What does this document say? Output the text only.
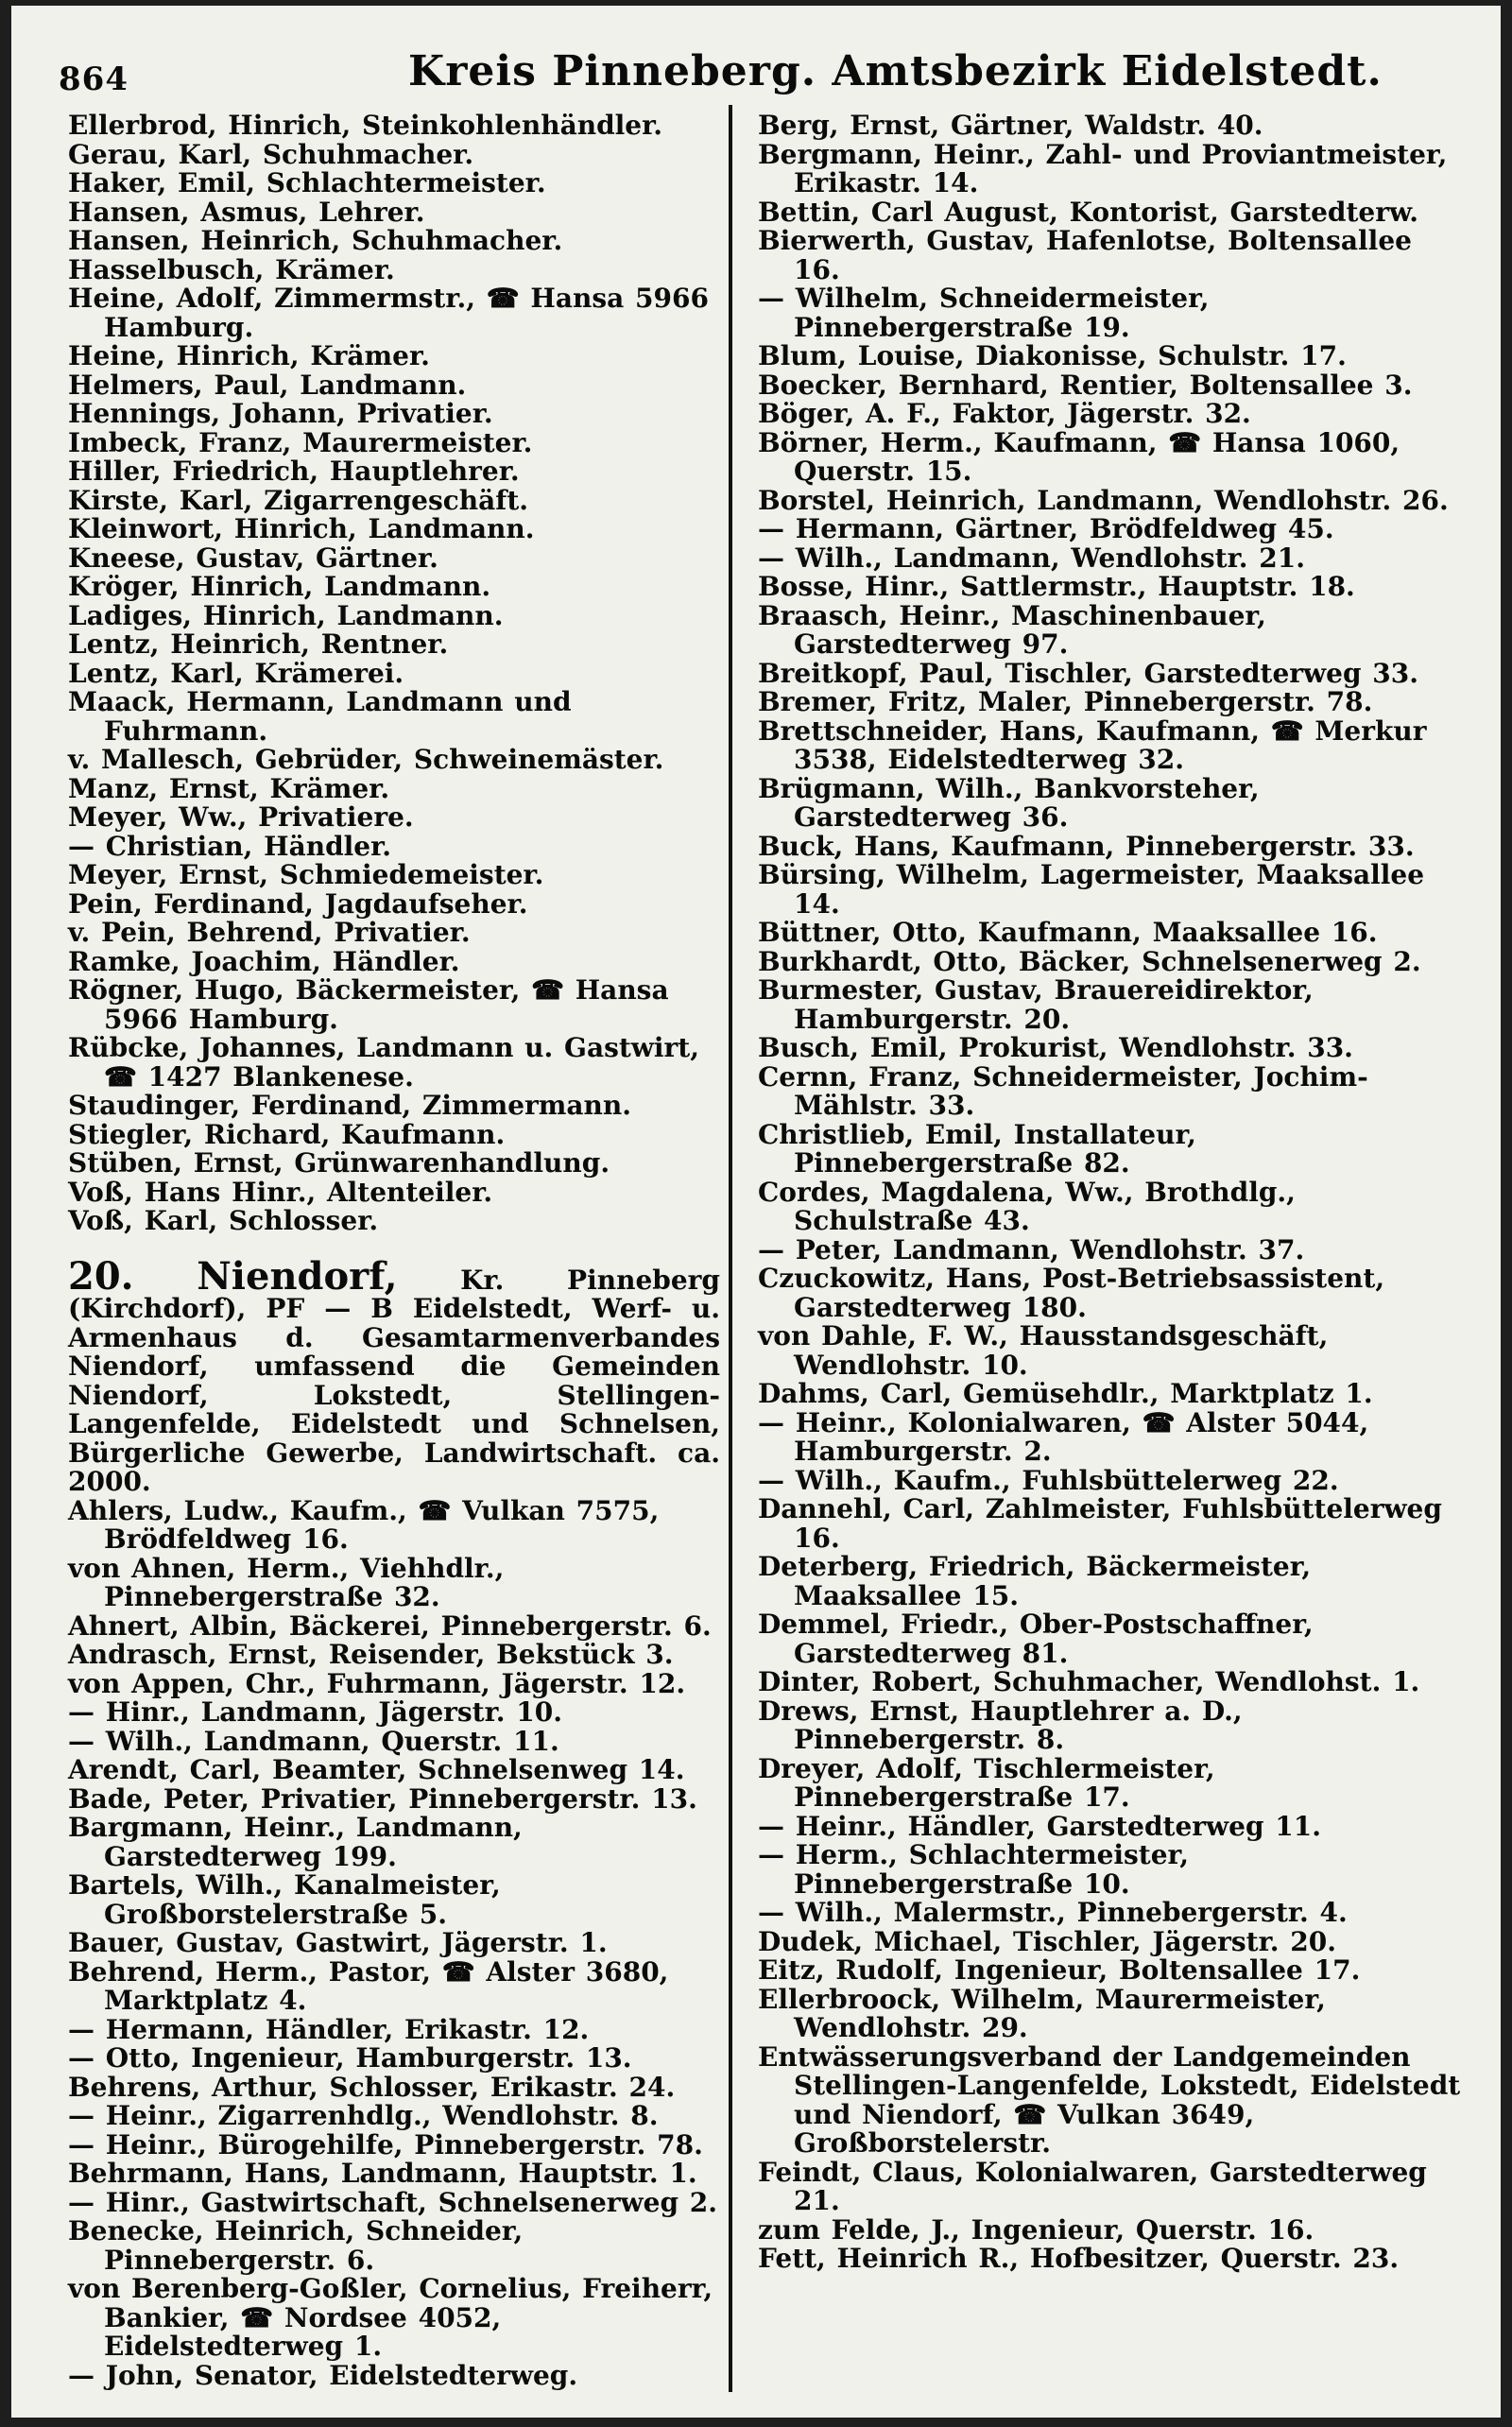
864	Kreis Pinneberg. Amtsbezirk Eidelstedt.
Ellerbrod, Hinrich, Steinkohlenhändler.
Gerau, Karl, Schuhmacher.
Haker, Emil, Schlachtermeister.
Hansen, Asmus, Lehrer.
Hansen, Heinrich, Schuhmacher.
Hasselbusch, Krämer.
Heine, Adolf, Zimmermstr., ☎ Hansa 5966 Hamburg.
Heine, Hinrich, Krämer.
Helmers, Paul, Landmann.
Hennings, Johann, Privatier.
Imbeck, Franz, Maurermeister.
Hiller, Friedrich, Hauptlehrer.
Kirste, Karl, Zigarrengeschäft.
Kleinwort, Hinrich, Landmann.
Kneese, Gustav, Gärtner.
Kröger, Hinrich, Landmann.
Ladiges, Hinrich, Landmann.
Lentz, Heinrich, Rentner.
Lentz, Karl, Krämerei.
Maack, Hermann, Landmann und Fuhrmann.
v. Mallesch, Gebrüder, Schweinemäster.
Manz, Ernst, Krämer.
Meyer, Ww., Privatiere.
— Christian, Händler.
Meyer, Ernst, Schmiedemeister.
Pein, Ferdinand, Jagdaufseher.
v. Pein, Behrend, Privatier.
Ramke, Joachim, Händler.
Rögner, Hugo, Bäckermeister, ☎ Hansa 5966 Hamburg.
Rübcke, Johannes, Landmann u. Gastwirt, ☎ 1427 Blankenese.
Staudinger, Ferdinand, Zimmermann.
Stiegler, Richard, Kaufmann.
Stüben, Ernst, Grünwarenhandlung.
Voß, Hans Hinr., Altenteiler.
Voß, Karl, Schlosser.
20. Niendorf, Kr. Pinneberg (Kirchdorf), PF — B Eidelstedt, Werf- u. Armenhaus d. Gesamtarmenverbandes Niendorf, umfassend die Gemeinden Niendorf, Lokstedt, Stellingen-Langenfelde, Eidelstedt und Schnelsen, Bürgerliche Gewerbe, Landwirtschaft. ca. 2000.
Ahlers, Ludw., Kaufm., ☎ Vulkan 7575, Brödfeldweg 16.
von Ahnen, Herm., Viehhdlr., Pinnebergerstraße 32.
Ahnert, Albin, Bäckerei, Pinnebergerstr. 6.
Andrasch, Ernst, Reisender, Bekstück 3.
von Appen, Chr., Fuhrmann, Jägerstr. 12.
— Hinr., Landmann, Jägerstr. 10.
— Wilh., Landmann, Querstr. 11.
Arendt, Carl, Beamter, Schnelsenweg 14.
Bade, Peter, Privatier, Pinnebergerstr. 13.
Bargmann, Heinr., Landmann, Garstedterweg 199.
Bartels, Wilh., Kanalmeister, Großborstelerstraße 5.
Bauer, Gustav, Gastwirt, Jägerstr. 1.
Behrend, Herm., Pastor, ☎ Alster 3680, Marktplatz 4.
— Hermann, Händler, Erikastr. 12.
— Otto, Ingenieur, Hamburgerstr. 13.
Behrens, Arthur, Schlosser, Erikastr. 24.
— Heinr., Zigarrenhdlg., Wendlohstr. 8.
— Heinr., Bürogehilfe, Pinnebergerstr. 78.
Behrmann, Hans, Landmann, Hauptstr. 1.
— Hinr., Gastwirtschaft, Schnelsenerweg 2.
Benecke, Heinrich, Schneider, Pinnebergerstr. 6.
von Berenberg-Goßler, Cornelius, Freiherr, Bankier, ☎ Nordsee 4052, Eidelstedterweg 1.
— John, Senator, Eidelstedterweg.
Berg, Ernst, Gärtner, Waldstr. 40.
Bergmann, Heinr., Zahl- und Proviantmeister, Erikastr. 14.
Bettin, Carl August, Kontorist, Garstedterw.
Bierwerth, Gustav, Hafenlotse, Boltensallee 16.
— Wilhelm, Schneidermeister, Pinnebergerstraße 19.
Blum, Louise, Diakonisse, Schulstr. 17.
Boecker, Bernhard, Rentier, Boltensallee 3.
Böger, A. F., Faktor, Jägerstr. 32.
Börner, Herm., Kaufmann, ☎ Hansa 1060, Querstr. 15.
Borstel, Heinrich, Landmann, Wendlohstr. 26.
— Hermann, Gärtner, Brödfeldweg 45.
— Wilh., Landmann, Wendlohstr. 21.
Bosse, Hinr., Sattlermstr., Hauptstr. 18.
Braasch, Heinr., Maschinenbauer, Garstedterweg 97.
Breitkopf, Paul, Tischler, Garstedterweg 33.
Bremer, Fritz, Maler, Pinnebergerstr. 78.
Brettschneider, Hans, Kaufmann, ☎ Merkur 3538, Eidelstedterweg 32.
Brügmann, Wilh., Bankvorsteher, Garstedterweg 36.
Buck, Hans, Kaufmann, Pinnebergerstr. 33.
Bürsing, Wilhelm, Lagermeister, Maaksallee 14.
Büttner, Otto, Kaufmann, Maaksallee 16.
Burkhardt, Otto, Bäcker, Schnelsenerweg 2.
Burmester, Gustav, Brauereidirektor, Hamburgerstr. 20.
Busch, Emil, Prokurist, Wendlohstr. 33.
Cernn, Franz, Schneidermeister, Jochim-Mählstr. 33.
Christlieb, Emil, Installateur, Pinnebergerstraße 82.
Cordes, Magdalena, Ww., Brothdlg., Schulstraße 43.
— Peter, Landmann, Wendlohstr. 37.
Czuckowitz, Hans, Post-Betriebsassistent, Garstedterweg 180.
von Dahle, F. W., Hausstandsgeschäft, Wendlohstr. 10.
Dahms, Carl, Gemüsehdlr., Marktplatz 1.
— Heinr., Kolonialwaren, ☎ Alster 5044, Hamburgerstr. 2.
— Wilh., Kaufm., Fuhlsbüttelerweg 22.
Dannehl, Carl, Zahlmeister, Fuhlsbüttelerweg 16.
Deterberg, Friedrich, Bäckermeister, Maaksallee 15.
Demmel, Friedr., Ober-Postschaffner, Garstedterweg 81.
Dinter, Robert, Schuhmacher, Wendlohst. 1.
Drews, Ernst, Hauptlehrer a. D., Pinnebergerstr. 8.
Dreyer, Adolf, Tischlermeister, Pinnebergerstraße 17.
— Heinr., Händler, Garstedterweg 11.
— Herm., Schlachtermeister, Pinnebergerstraße 10.
— Wilh., Malermstr., Pinnebergerstr. 4.
Dudek, Michael, Tischler, Jägerstr. 20.
Eitz, Rudolf, Ingenieur, Boltensallee 17.
Ellerbroock, Wilhelm, Maurermeister, Wendlohstr. 29.
Entwässerungsverband der Landgemeinden Stellingen-Langenfelde, Lokstedt, Eidelstedt und Niendorf, ☎ Vulkan 3649, Großborstelerstr.
Feindt, Claus, Kolonialwaren, Garstedterweg 21.
zum Felde, J., Ingenieur, Querstr. 16.
Fett, Heinrich R., Hofbesitzer, Querstr. 23.
